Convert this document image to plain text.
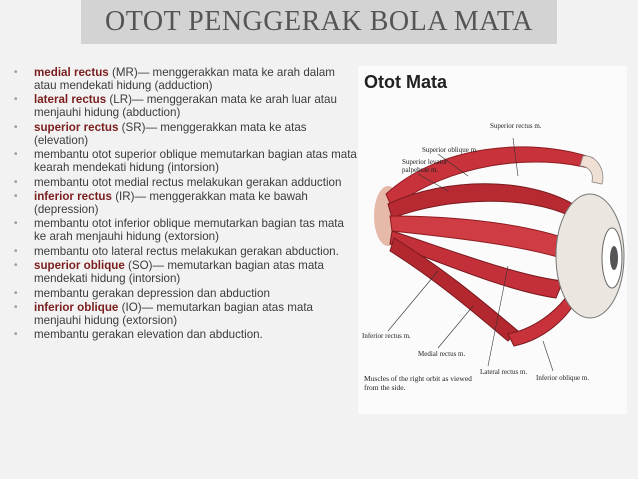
OTOT PENGGERAK BOLA MATA
• medial rectus (MR)— menggerakkan mata ke arah dalam atau mendekati hidung (adduction)
• lateral rectus (LR)— menggerakan mata ke arah luar atau menjauhi hidung (abduction)
• superior rectus (SR)— menggerakkan mata ke atas (elevation)
• membantu otot superior oblique memutarkan bagian atas mata kearah mendekati hidung (intorsion)
• membantu otot medial rectus melakukan gerakan adduction
• inferior rectus (IR)— menggerakkan mata ke bawah (depression)
• membantu otot inferior oblique memutarkan bagian tas mata ke arah menjauhi hidung (extorsion)
• membantu oto lateral rectus melakukan gerakan abduction.
• superior oblique (SO)— memutarkan bagian atas mata mendekati hidung (intorsion)
• membantu gerakan depression dan abduction
• inferior oblique (IO)— memutarkan bagian atas mata menjauhi hidung (extorsion)
• membantu gerakan elevation dan abduction.
Otot Mata
Superior rectus m.
Superior oblique m.
Superior levator palpebrae m.
Inferior rectus m.
Medial rectus m.
Lateral rectus m.
Inferior oblique m.
Muscles of the right orbit as viewed from the side.
